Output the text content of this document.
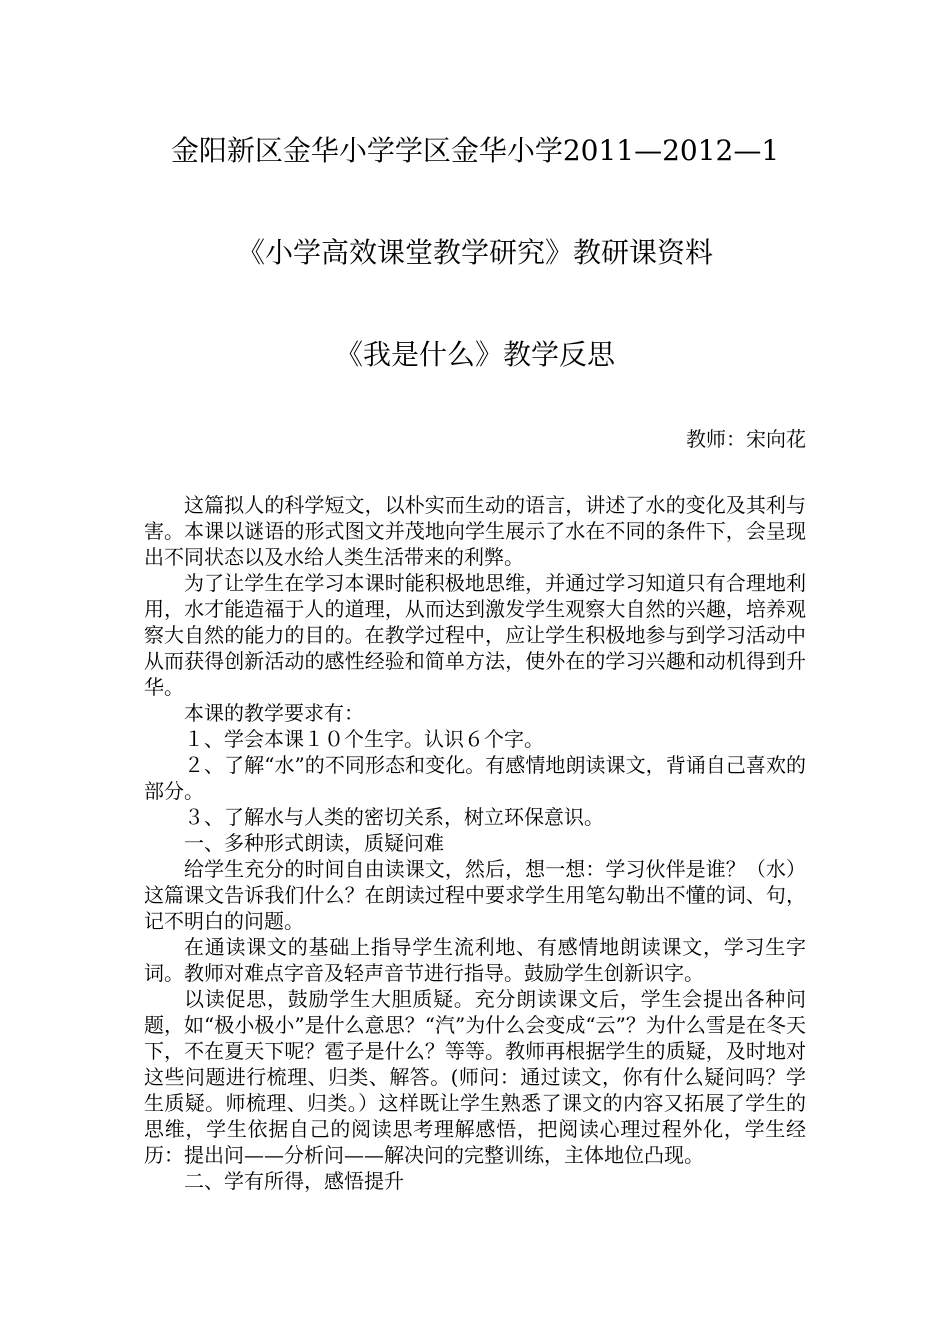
金阳新区金华小学学区金华小学2011—2012—1
《小学高效课堂教学研究》教研课资料
《我是什么》教学反思
教师：宋向花

这篇拟人的科学短文，以朴实而生动的语言，讲述了水的变化及其利与害。本课以谜语的形式图文并茂地向学生展示了水在不同的条件下，会呈现出不同状态以及水给人类生活带来的利弊。

为了让学生在学习本课时能积极地思维，并通过学习知道只有合理地利用，水才能造福于人的道理，从而达到激发学生观察大自然的兴趣，培养观察大自然的能力的目的。在教学过程中，应让学生积极地参与到学习活动中从而获得创新活动的感性经验和简单方法，使外在的学习兴趣和动机得到升华。

本课的教学要求有：

１、学会本课１０个生字。认识６个字。

２、了解“水”的不同形态和变化。有感情地朗读课文，背诵自己喜欢的部分。

３、了解水与人类的密切关系，树立环保意识。

一、多种形式朗读，质疑问难

给学生充分的时间自由读课文，然后，想一想：学习伙伴是谁？（水）这篇课文告诉我们什么？在朗读过程中要求学生用笔勾勒出不懂的词、句，记不明白的问题。

在通读课文的基础上指导学生流利地、有感情地朗读课文，学习生字词。教师对难点字音及轻声音节进行指导。鼓励学生创新识字。

以读促思，鼓励学生大胆质疑。充分朗读课文后，学生会提出各种问题，如“极小极小”是什么意思？“汽”为什么会变成“云”？为什么雪是在冬天下，不在夏天下呢？雹子是什么？等等。教师再根据学生的质疑，及时地对这些问题进行梳理、归类、解答。(师问：通过读文，你有什么疑问吗？学生质疑。师梳理、归类。）这样既让学生熟悉了课文的内容又拓展了学生的思维，学生依据自己的阅读思考理解感悟，把阅读心理过程外化，学生经历：提出问——分析问——解决问的完整训练，主体地位凸现。

二、学有所得，感悟提升
